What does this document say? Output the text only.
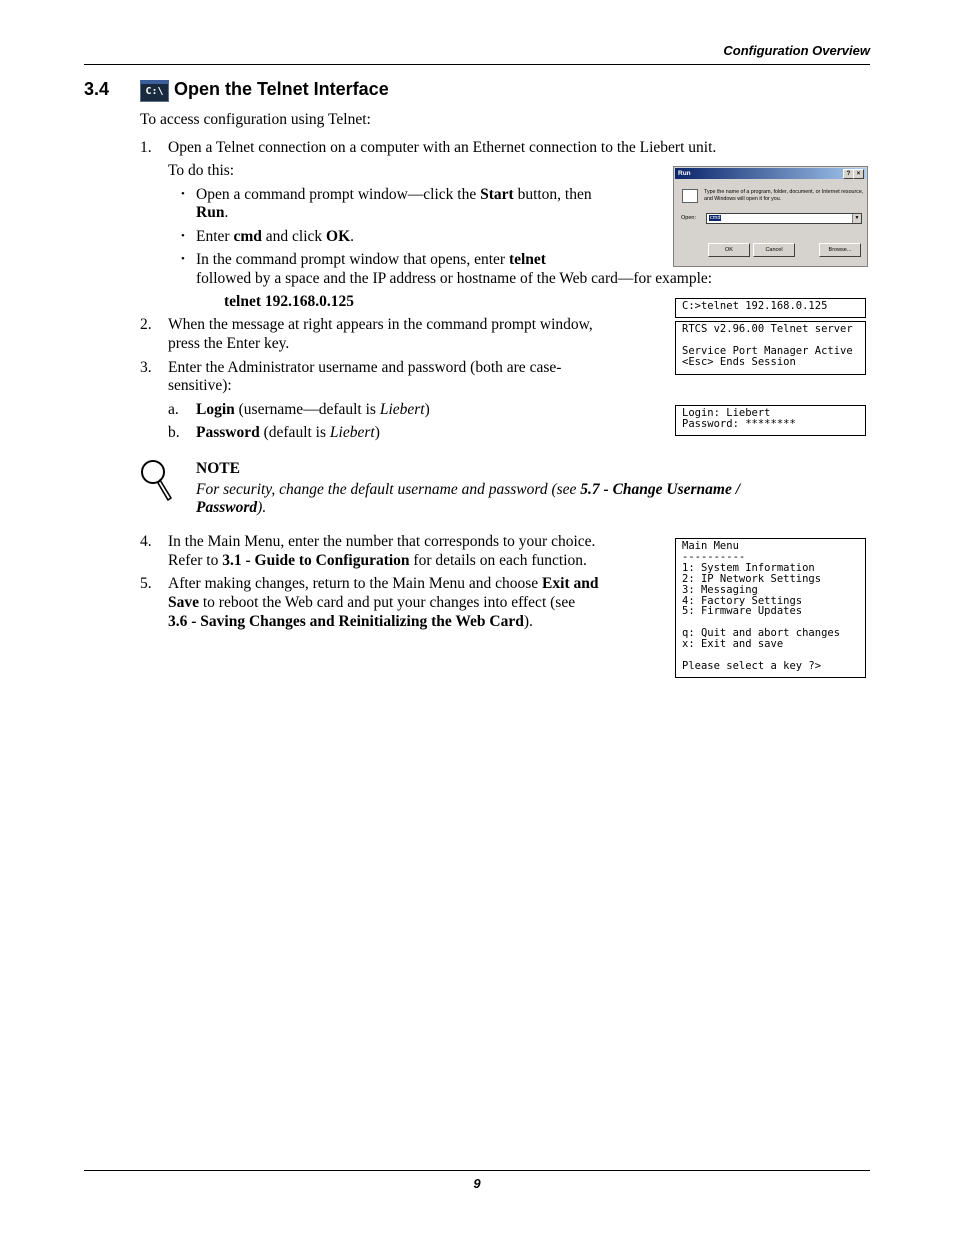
Configuration Overview
3.4	C:\ Open the Telnet Interface
To access configuration using Telnet:
1. Open a Telnet connection on a computer with an Ethernet connection to the Liebert unit.
To do this:
• Open a command prompt window—click the Start button, then
Run.
• Enter cmd and click OK.
• In the command prompt window that opens, enter telnet
followed by a space and the IP address or hostname of the Web card—for example:
telnet 192.168.0.125
2. When the message at right appears in the command prompt window,
press the Enter key.
3. Enter the Administrator username and password (both are case-
sensitive):
a. Login (username—default is Liebert)
b. Password (default is Liebert)
NOTE
For security, change the default username and password (see 5.7 - Change Username /
Password).
4. In the Main Menu, enter the number that corresponds to your choice.
Refer to 3.1 - Guide to Configuration for details on each function.
5. After making changes, return to the Main Menu and choose Exit and
Save to reboot the Web card and put your changes into effect (see
3.6 - Saving Changes and Reinitializing the Web Card).
Run	?	×
Type the name of a program, folder, document, or Internet resource, and Windows will open it for you.
Open:	cmd	▼
OK	Cancel	Browse...
C:>telnet 192.168.0.125
RTCS v2.96.00 Telnet server

Service Port Manager Active
<Esc> Ends Session
Login: Liebert
Password: ********
Main Menu
----------
1: System Information
2: IP Network Settings
3: Messaging
4: Factory Settings
5: Firmware Updates

q: Quit and abort changes
x: Exit and save

Please select a key ?>
9
